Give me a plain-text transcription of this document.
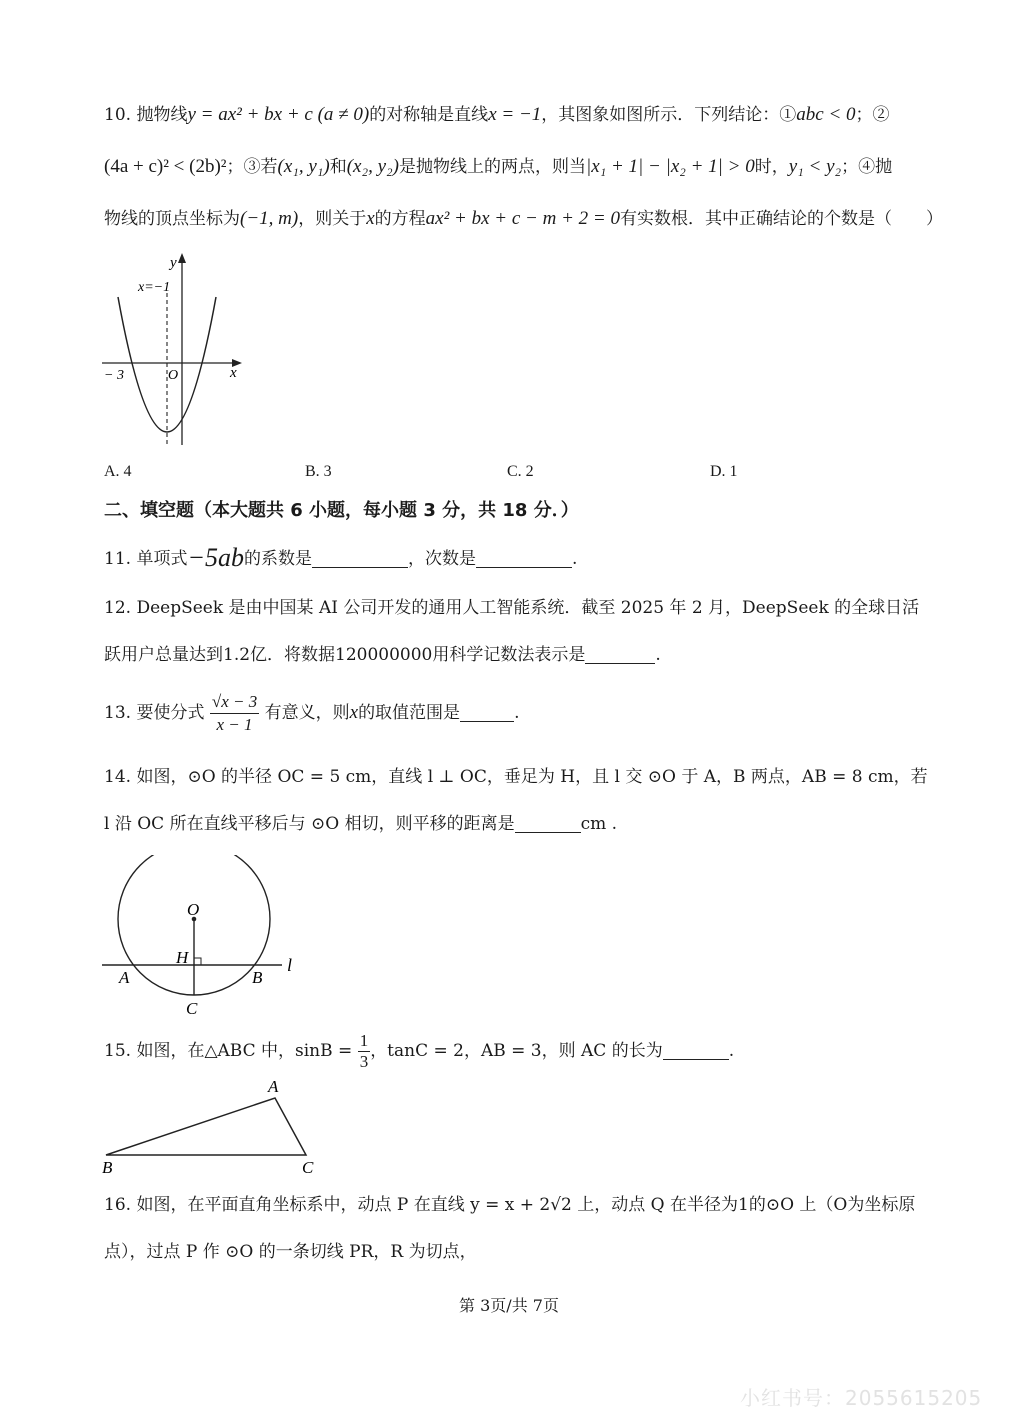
10. 抛物线y = ax² + bx + c (a ≠ 0)的对称轴是直线x = −1，其图象如图所示．下列结论：①abc < 0；②
(4a + c)² < (2b)²；③若(x₁, y₁)和(x₂, y₂)是抛物线上的两点，则当|x₁ + 1| − |x₂ + 1| > 0时，y₁ < y₂；④抛
物线的顶点坐标为(−1, m)，则关于x的方程ax² + bx + c − m + 2 = 0有实数根．其中正确结论的个数是（　　）
y
x
x=−1
− 3	O
A. 4	B. 3	C. 2	D. 1
二、填空题（本大题共 6 小题，每小题 3 分，共 18 分．）
11. 单项式−5ab的系数是	，次数是	.
12. DeepSeek 是由中国某 AI 公司开发的通用人工智能系统．截至 2025 年 2 月，DeepSeek 的全球日活
跃用户总量达到1.2亿．将数据120000000用科学记数法表示是	.
13. 要使分式 $\frac{√x - 3}{x - 1}$ 有意义，则x的取值范围是	.
14. 如图，⊙O 的半径 OC = 5 cm，直线 l ⊥ OC，垂足为 H，且 l 交 ⊙O 于 A，B 两点，AB = 8 cm，若
l 沿 OC 所在直线平移后与 ⊙O 相切，则平移的距离是	cm .
O
H
A	B
C
l
15. 如图，在△ABC 中，$\sin B = \frac{1}{3}$ ，tanC = 2，AB = 3，则 AC 的长为	.
A
B	C
16. 如图，在平面直角坐标系中，动点 P 在直线 y = x + 2√2 上，动点 Q 在半径为1的⊙O 上（O为坐标原
点），过点 P 作 ⊙O 的一条切线 PR，R 为切点，
第 3页/共 7页
小红书号：2055615205
